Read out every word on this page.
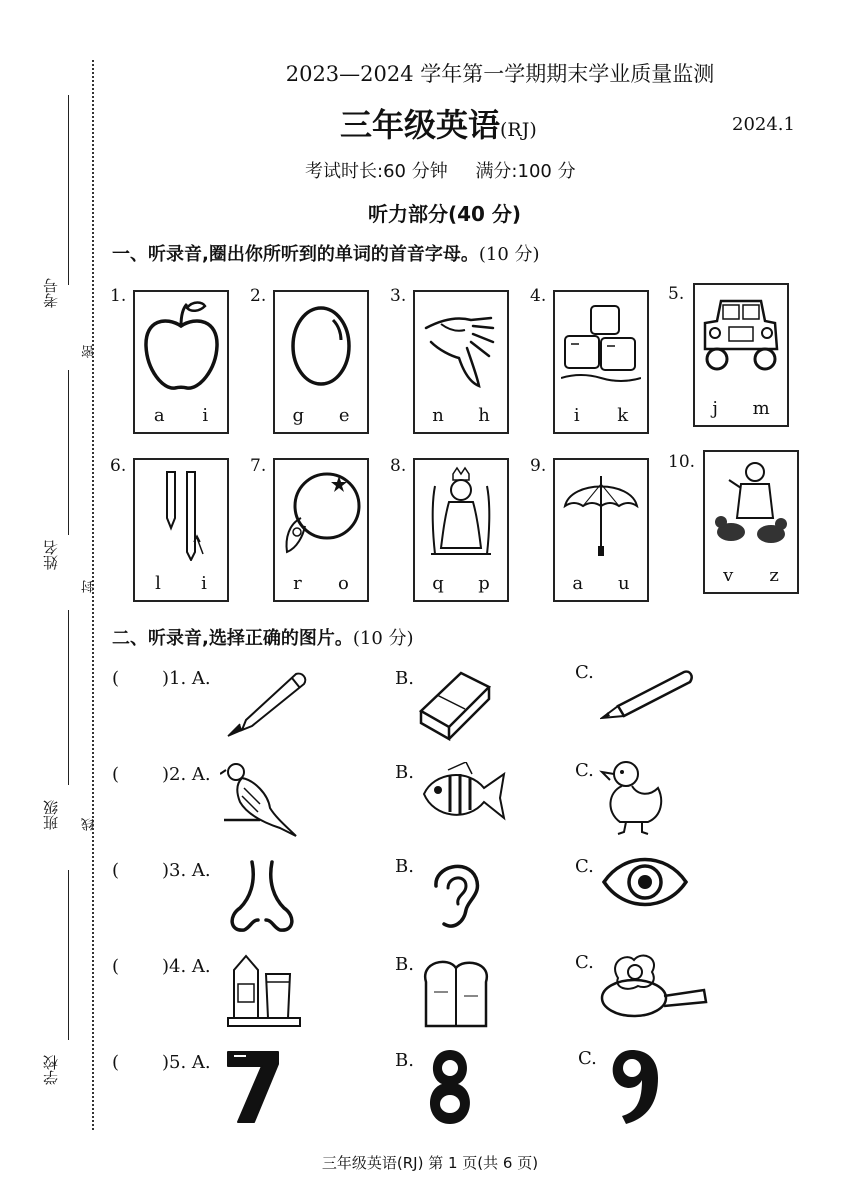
考号
姓名
班级
学校
密
封
线
2023—2024 学年第一学期期末学业质量监测
三年级英语(RJ)	2024.1
考试时长:60 分钟 满分:100 分
听力部分(40 分)
一、听录音,圈出你所听到的单词的首音字母。(10 分)
1.
a i
2.
g e
3.
n h
4.
i k
5.
j m
6.
l i
7.
r o
8.
q p
9.
a u
10.
v z
二、听录音,选择正确的图片。(10 分)
( )1. A.	B.	C.
( )2. A.	B.	C.
( )3. A.	B.	C.
( )4. A.	B.	C.
( )5. A.	B.	C.
三年级英语(RJ) 第 1 页(共 6 页)
